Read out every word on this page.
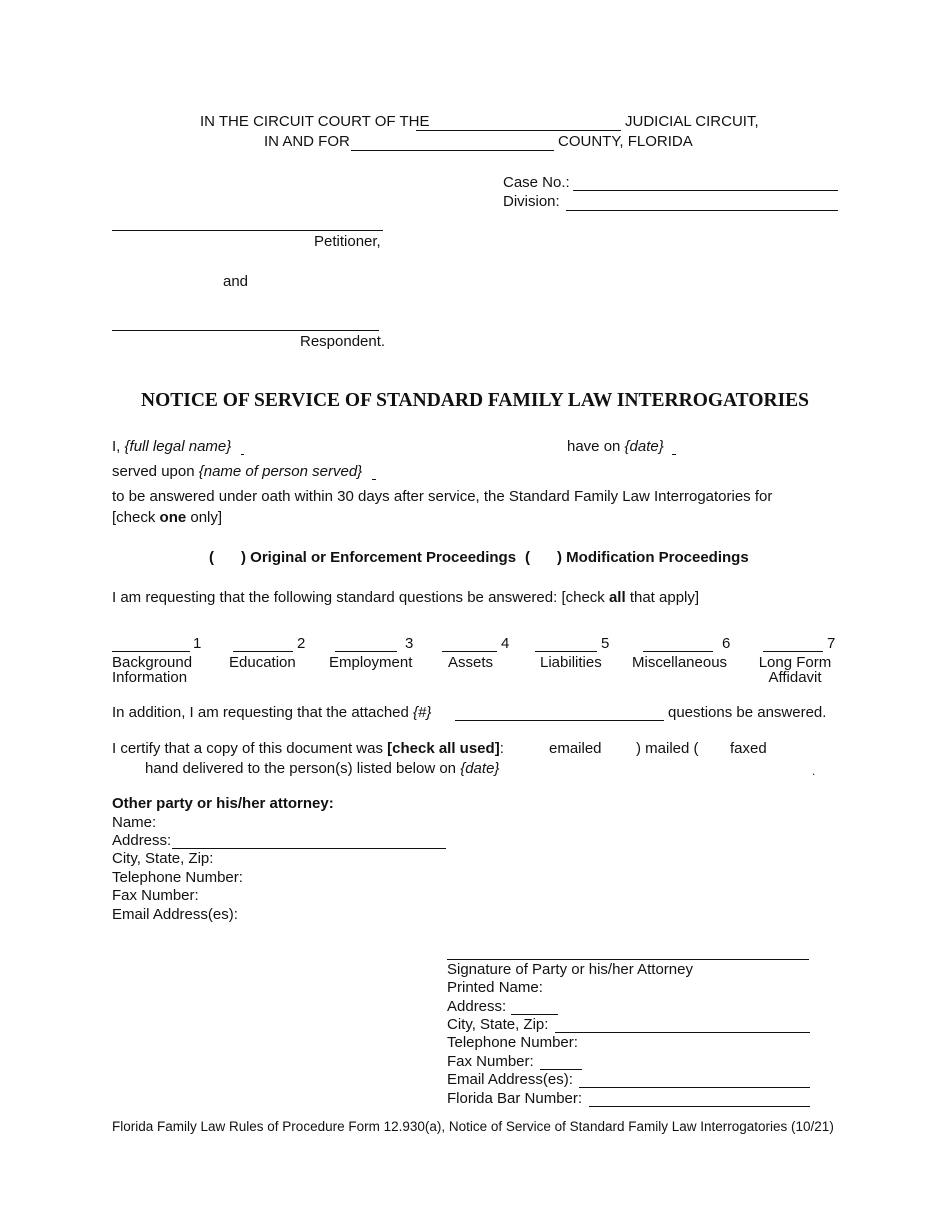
IN THE CIRCUIT COURT OF THE	JUDICIAL CIRCUIT,
IN AND FOR	COUNTY, FLORIDA
Case No.:
Division:
Petitioner,
and
Respondent.
NOTICE OF SERVICE OF STANDARD FAMILY LAW INTERROGATORIES
I, {full legal name}	have on {date}
served upon {name of person served}
to be answered under oath within 30 days after service, the Standard Family Law Interrogatories for
[check one only]
( ) Original or Enforcement Proceedings ( ) Modification Proceedings
I am requesting that the following standard questions be answered: [check all that apply]
1
Background
Information
2
Education
3
Employment
4
Assets
5
Liabilities
6
Miscellaneous
7
Long Form
Affidavit
In addition, I am requesting that the attached {#}	questions be answered.
I certify that a copy of this document was [check all used]:	emailed ) mailed ( faxed
hand delivered to the person(s) listed below on {date}	.
Other party or his/her attorney:
Name:
Address:
City, State, Zip:
Telephone Number:
Fax Number:
Email Address(es):
Signature of Party or his/her Attorney
Printed Name:
Address:
City, State, Zip:
Telephone Number:
Fax Number:
Email Address(es):
Florida Bar Number:
Florida Family Law Rules of Procedure Form 12.930(a), Notice of Service of Standard Family Law Interrogatories (10/21)
